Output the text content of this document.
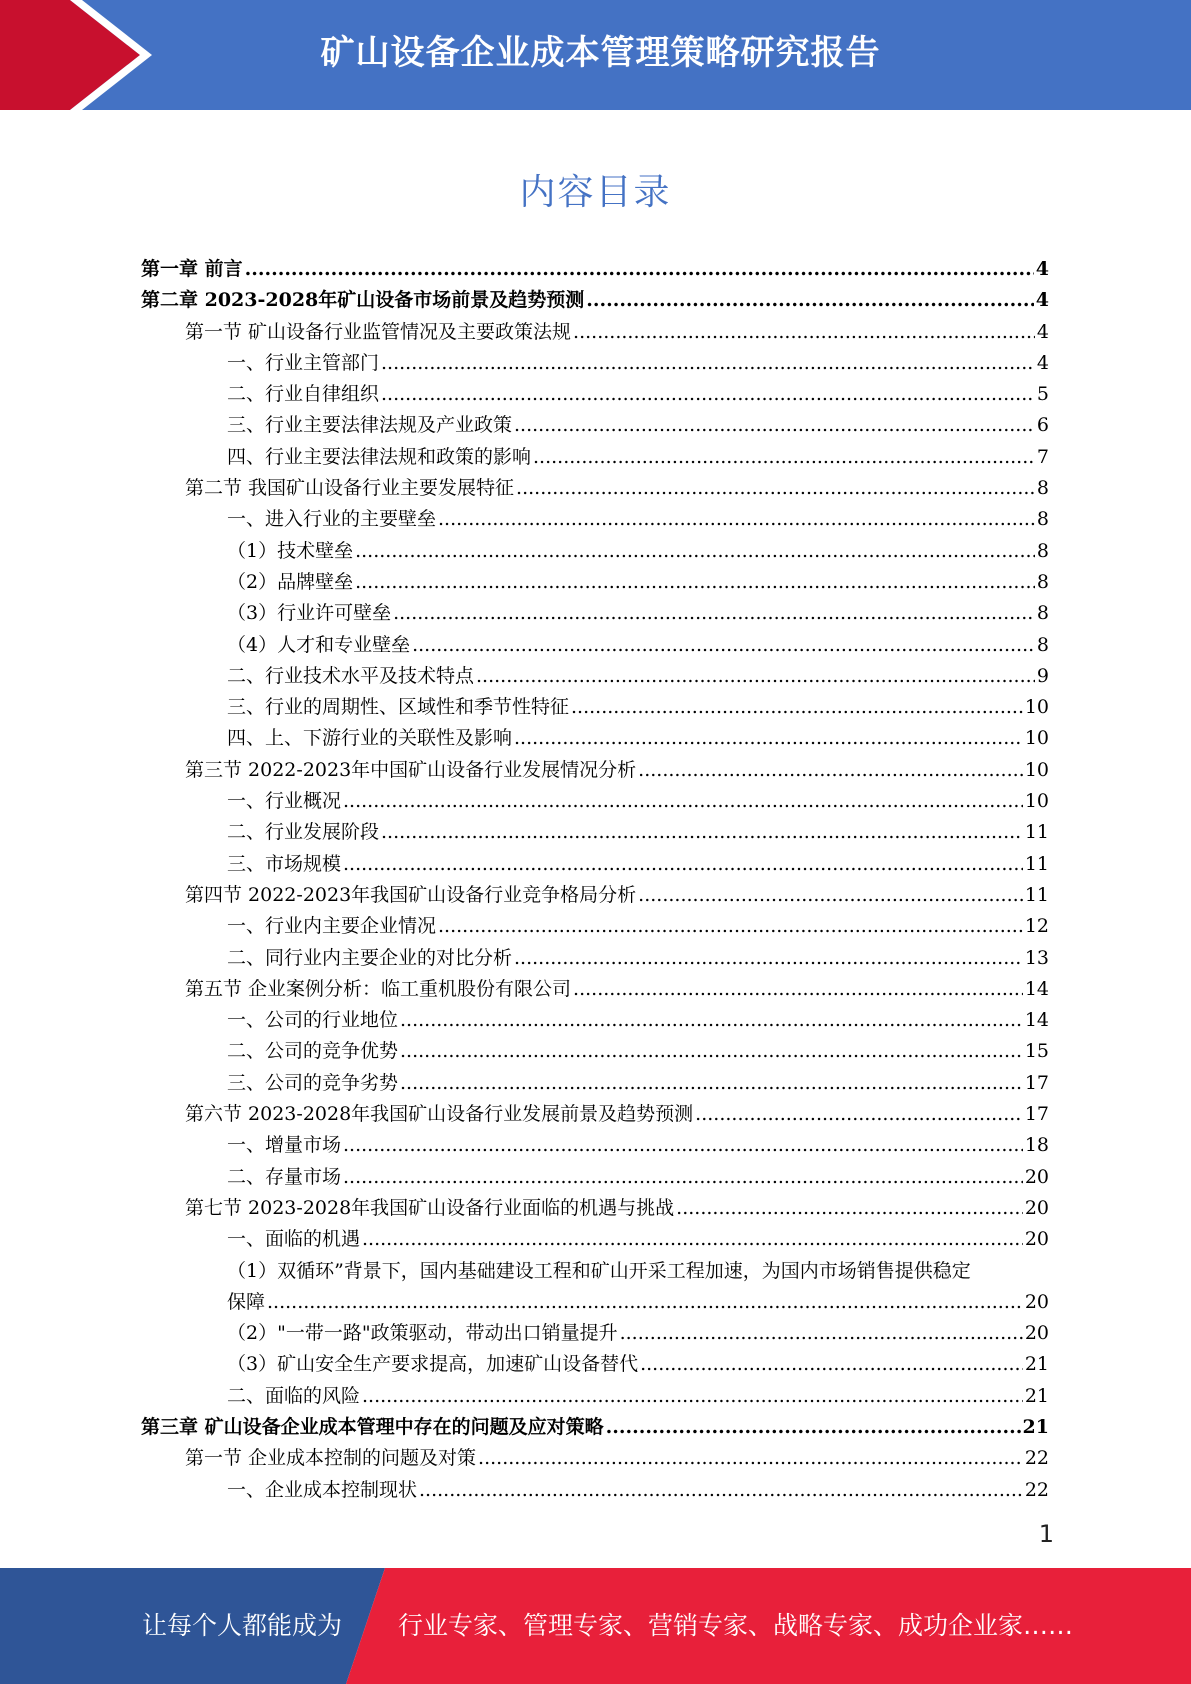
矿山设备企业成本管理策略研究报告
内容目录
第一章 前言 .....	4
第二章 2023-2028年矿山设备市场前景及趋势预测 .....	4
第一节 矿山设备行业监管情况及主要政策法规 .....	4
一、行业主管部门 .....	4
二、行业自律组织 .....	5
三、行业主要法律法规及产业政策 .....	6
四、行业主要法律法规和政策的影响 .....	7
第二节 我国矿山设备行业主要发展特征 .....	8
一、进入行业的主要壁垒 .....	8
（1）技术壁垒 .....	8
（2）品牌壁垒 .....	8
（3）行业许可壁垒 .....	8
（4）人才和专业壁垒 .....	8
二、行业技术水平及技术特点 .....	9
三、行业的周期性、区域性和季节性特征 .....	10
四、上、下游行业的关联性及影响 .....	10
第三节 2022-2023年中国矿山设备行业发展情况分析 .....	10
一、行业概况 .....	10
二、行业发展阶段 .....	11
三、市场规模 .....	11
第四节 2022-2023年我国矿山设备行业竞争格局分析 .....	11
一、行业内主要企业情况 .....	12
二、同行业内主要企业的对比分析 .....	13
第五节 企业案例分析：临工重机股份有限公司 .....	14
一、公司的行业地位 .....	14
二、公司的竞争优势 .....	15
三、公司的竞争劣势 .....	17
第六节 2023-2028年我国矿山设备行业发展前景及趋势预测 .....	17
一、增量市场 .....	18
二、存量市场 .....	20
第七节 2023-2028年我国矿山设备行业面临的机遇与挑战 .....	20
一、面临的机遇 .....	20
（1）双循环”背景下，国内基础建设工程和矿山开采工程加速，为国内市场销售提供稳定
保障 .....	20
（2）"一带一路"政策驱动，带动出口销量提升 .....	20
（3）矿山安全生产要求提高，加速矿山设备替代 .....	21
二、面临的风险 .....	21
第三章 矿山设备企业成本管理中存在的问题及应对策略 .....	21
第一节 企业成本控制的问题及对策 .....	22
一、企业成本控制现状 .....	22
1
让每个人都能成为 行业专家、管理专家、营销专家、战略专家、成功企业家……
